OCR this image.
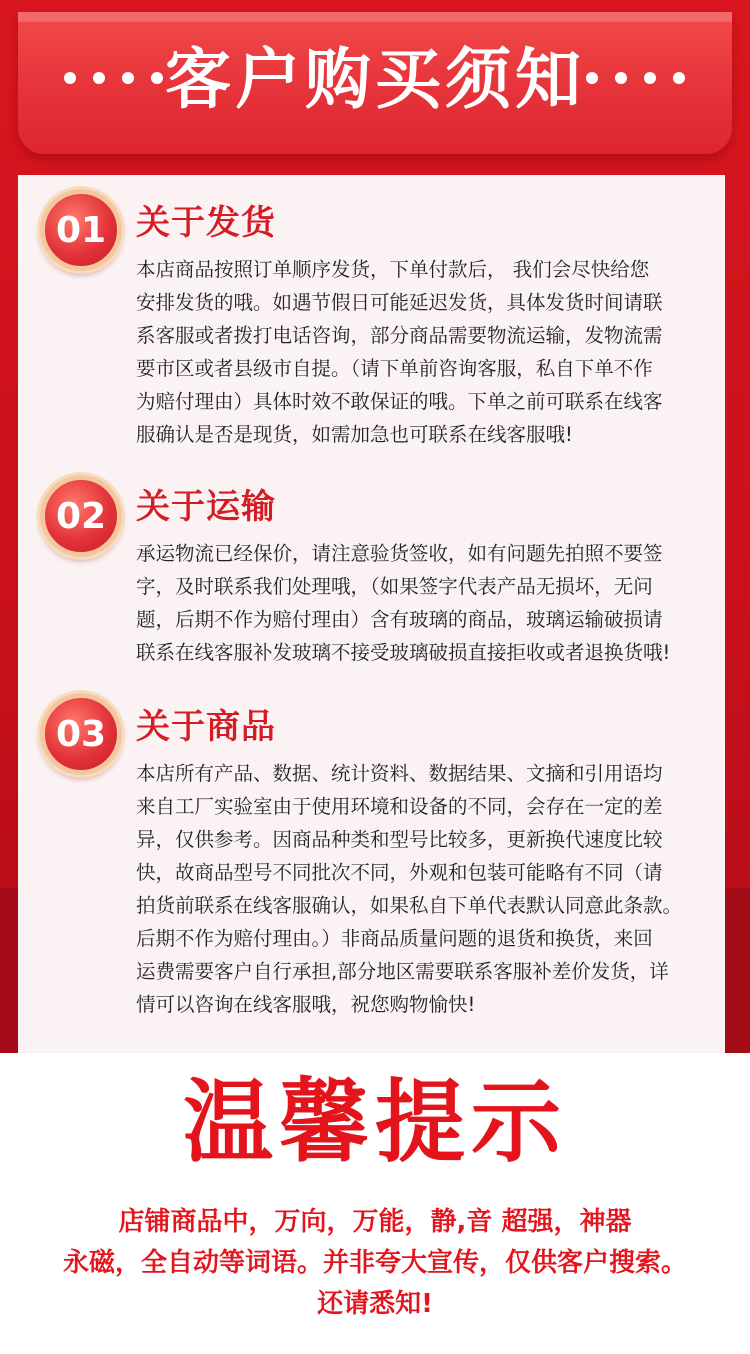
客户购买须知
01 关于发货
本店商品按照订单顺序发货，下单付款后， 我们会尽快给您
安排发货的哦。如遇节假日可能延迟发货，具体发货时间请联
系客服或者拨打电话咨询，部分商品需要物流运输，发物流需
要市区或者县级市自提。（请下单前咨询客服，私自下单不作
为赔付理由）具体时效不敢保证的哦。下单之前可联系在线客
服确认是否是现货，如需加急也可联系在线客服哦!
02 关于运输
承运物流已经保价，请注意验货签收，如有问题先拍照不要签
字，及时联系我们处理哦，（如果签字代表产品无损坏，无问
题，后期不作为赔付理由）含有玻璃的商品，玻璃运输破损请
联系在线客服补发玻璃不接受玻璃破损直接拒收或者退换货哦!
03 关于商品
本店所有产品、数据、统计资料、数据结果、文摘和引用语均
来自工厂实验室由于使用环境和设备的不同，会存在一定的差
异，仅供参考。因商品种类和型号比较多，更新换代速度比较
快，故商品型号不同批次不同，外观和包装可能略有不同（请
拍货前联系在线客服确认，如果私自下单代表默认同意此条款。
后期不作为赔付理由。）非商品质量问题的退货和换货，来回
运费需要客户自行承担,部分地区需要联系客服补差价发货，详
情可以咨询在线客服哦，祝您购物愉快!
温馨提示
店铺商品中，万向，万能，静,音 超强，神器
永磁，全自动等词语。并非夸大宣传，仅供客户搜索。
还请悉知!
